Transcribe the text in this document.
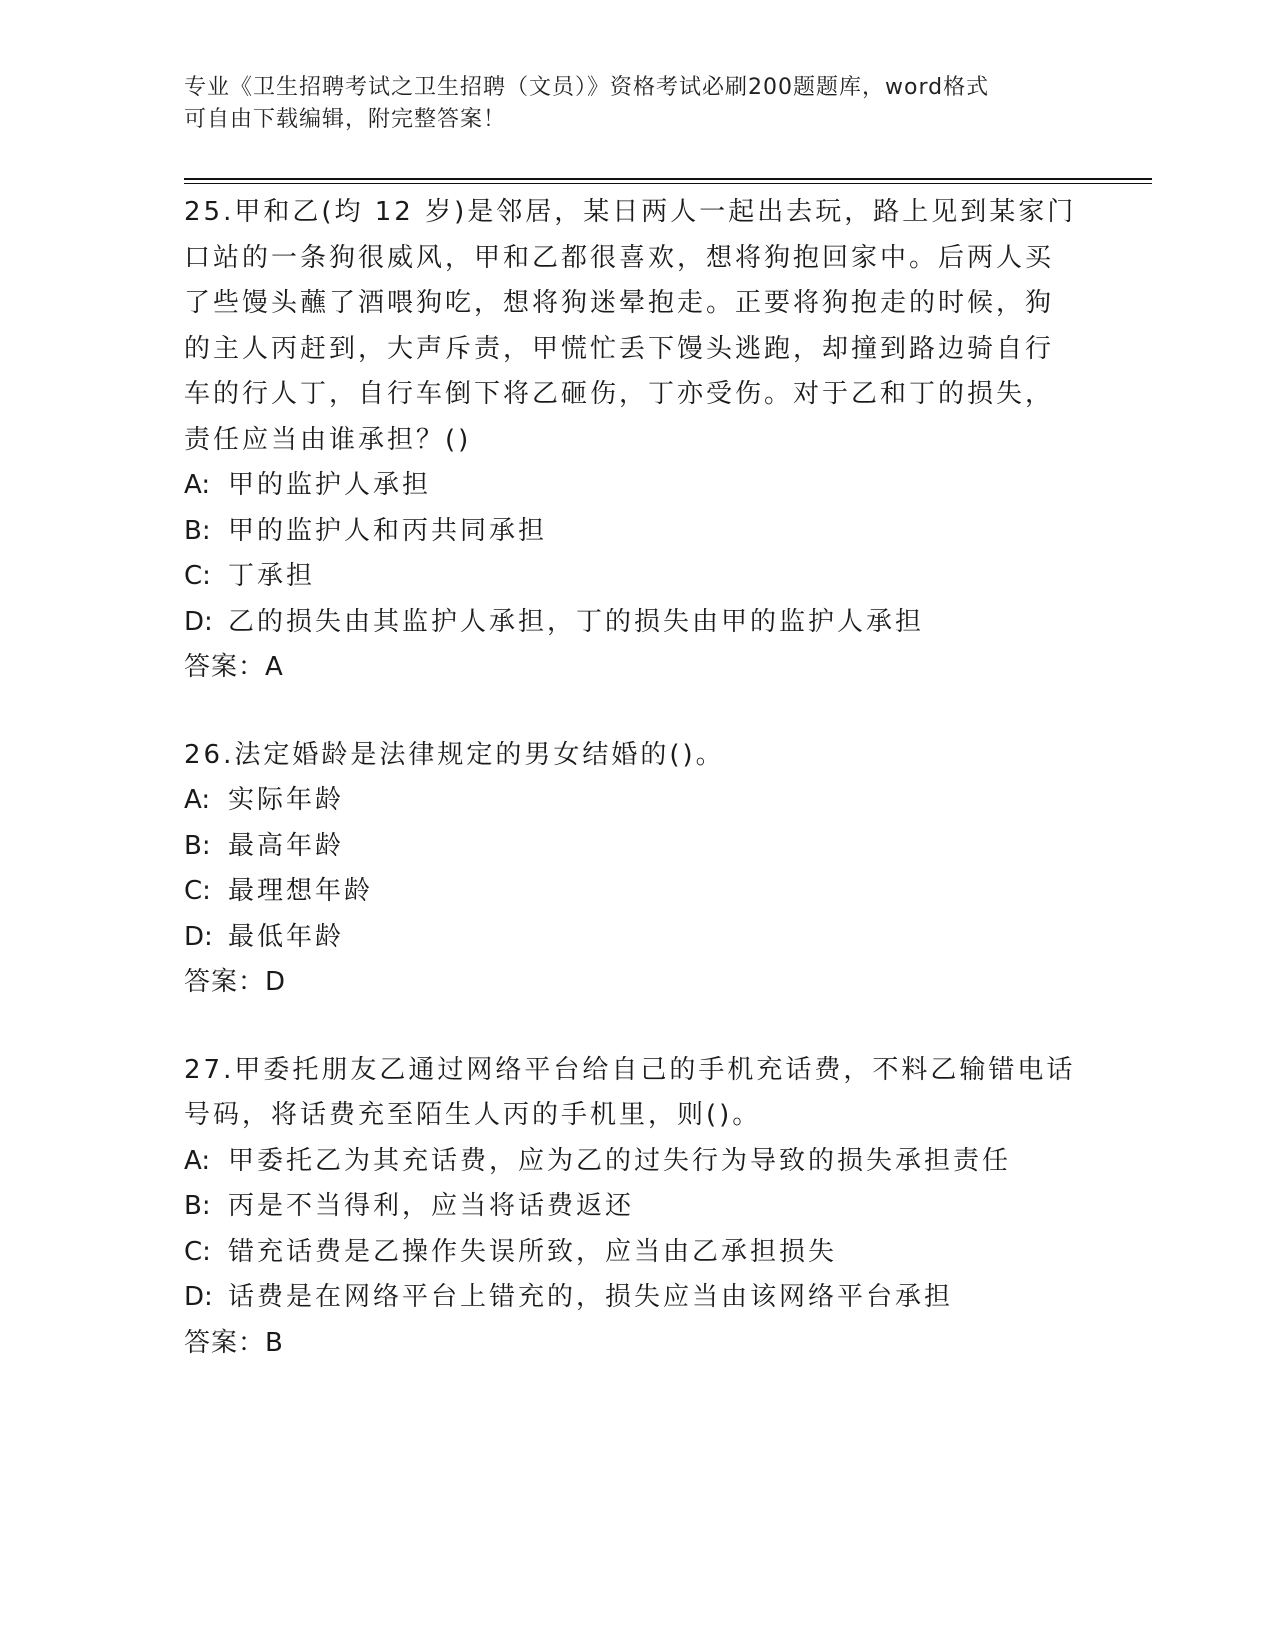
专业《卫生招聘考试之卫生招聘（文员）》资格考试必刷200题题库，word格式
可自由下载编辑，附完整答案！
25.甲和乙(均 12 岁)是邻居，某日两人一起出去玩，路上见到某家门
口站的一条狗很威风，甲和乙都很喜欢，想将狗抱回家中。后两人买
了些馒头蘸了酒喂狗吃，想将狗迷晕抱走。正要将狗抱走的时候，狗
的主人丙赶到，大声斥责，甲慌忙丢下馒头逃跑，却撞到路边骑自行
车的行人丁，自行车倒下将乙砸伤，丁亦受伤。对于乙和丁的损失，
责任应当由谁承担？()
A: 甲的监护人承担
B: 甲的监护人和丙共同承担
C: 丁承担
D: 乙的损失由其监护人承担，丁的损失由甲的监护人承担
答案：A
26.法定婚龄是法律规定的男女结婚的()。
A: 实际年龄
B: 最高年龄
C: 最理想年龄
D: 最低年龄
答案：D
27.甲委托朋友乙通过网络平台给自己的手机充话费，不料乙输错电话
号码，将话费充至陌生人丙的手机里，则()。
A: 甲委托乙为其充话费，应为乙的过失行为导致的损失承担责任
B: 丙是不当得利，应当将话费返还
C: 错充话费是乙操作失误所致，应当由乙承担损失
D: 话费是在网络平台上错充的，损失应当由该网络平台承担
答案：B
